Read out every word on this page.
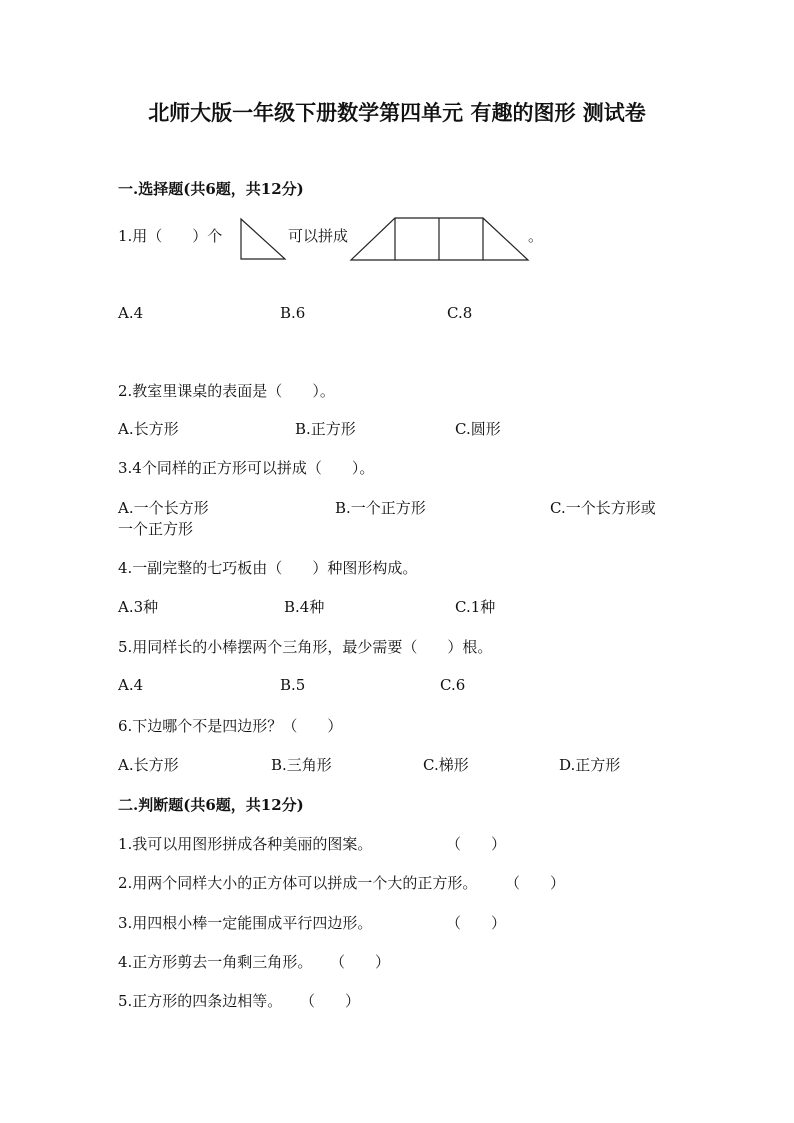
北师大版一年级下册数学第四单元 有趣的图形 测试卷
一.选择题(共6题，共12分)
1.用（　　）个	可以拼成	。
A.4	B.6	C.8
2.教室里课桌的表面是（　　）。
A.长方形	B.正方形	C.圆形
3.4个同样的正方形可以拼成（　　）。
A.一个长方形	B.一个正方形	C.一个长方形或
一个正方形
4.一副完整的七巧板由（　　）种图形构成。
A.3种	B.4种	C.1种
5.用同样长的小棒摆两个三角形，最少需要（　　）根。
A.4	B.5	C.6
6.下边哪个不是四边形？（　　）
A.长方形	B.三角形	C.梯形	D.正方形
二.判断题(共6题，共12分)
1.我可以用图形拼成各种美丽的图案。	（　　）
2.用两个同样大小的正方体可以拼成一个大的正方形。 （　　）
3.用四根小棒一定能围成平行四边形。	（　　）
4.正方形剪去一角剩三角形。 （　　）
5.正方形的四条边相等。 （　　）
